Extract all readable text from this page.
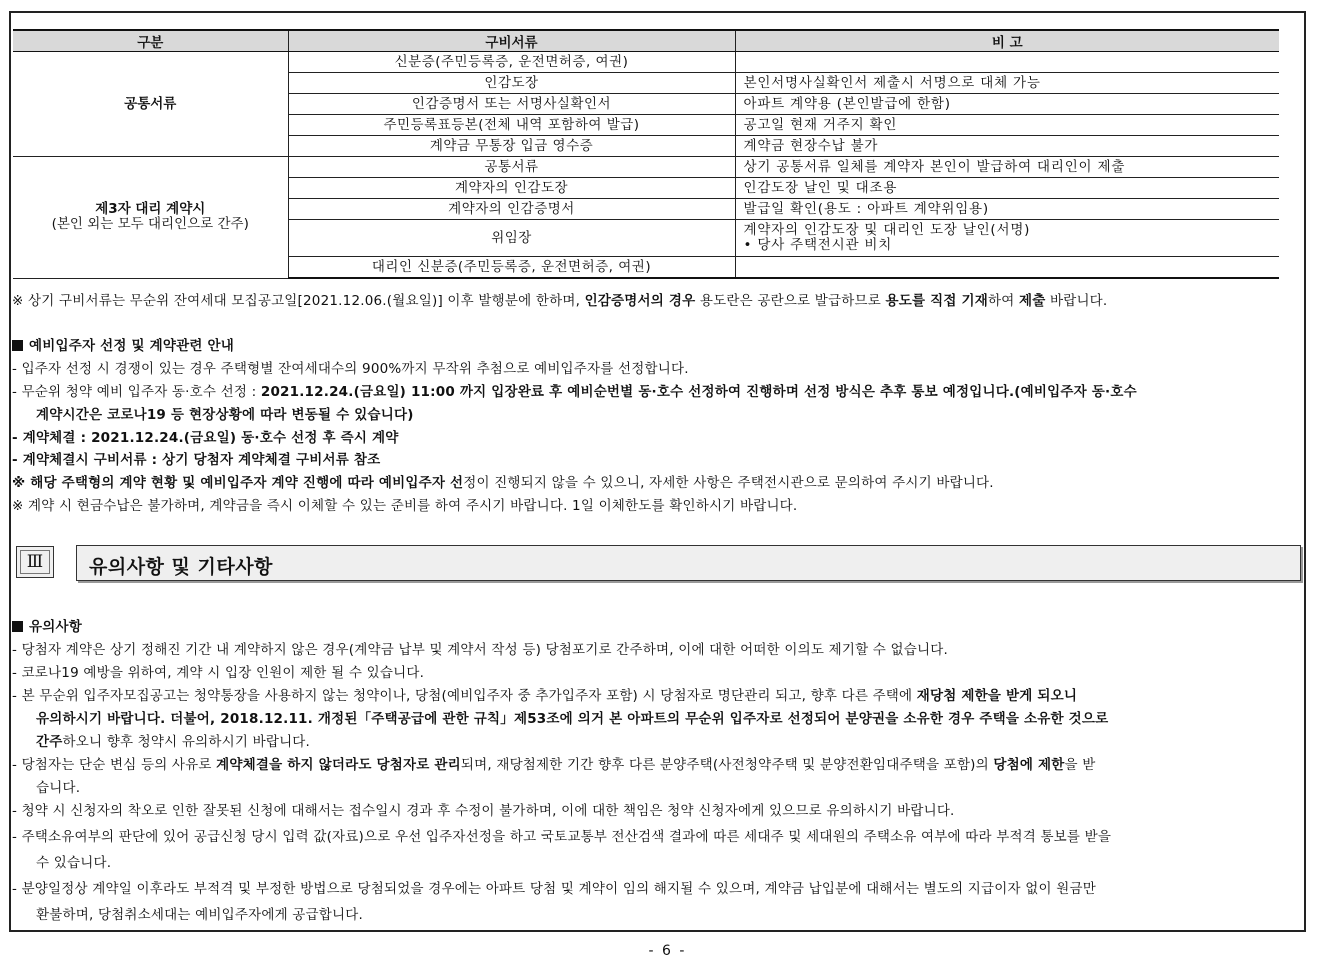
구분	구비서류	비 고
공통서류	신분증(주민등록증, 운전면허증, 여권)	
	인감도장	본인서명사실확인서 제출시 서명으로 대체 가능
	인감증명서 또는 서명사실확인서	아파트 계약용 (본인발급에 한함)
	주민등록표등본(전체 내역 포함하여 발급)	공고일 현재 거주지 확인
	계약금 무통장 입금 영수증	계약금 현장수납 불가

제3자 대리 계약시
(본인 외는 모두 대리인으로 간주)	공통서류	상기 공통서류 일체를 계약자 본인이 발급하여 대리인이 제출
	계약자의 인감도장	인감도장 날인 및 대조용
	계약자의 인감증명서	발급일 확인(용도 : 아파트 계약위임용)
	위임장	계약자의 인감도장 및 대리인 도장 날인(서명)
• 당사 주택전시관 비치

	대리인 신분증(주민등록증, 운전면허증, 여권)	
※ 상기 구비서류는 무순위 잔여세대 모집공고일[2021.12.06.(월요일)] 이후 발행분에 한하며, 인감증명서의 경우 용도란은 공란으로 발급하므로 용도를 직접 기재하여 제출 바랍니다.
예비입주자 선정 및 계약관련 안내
- 입주자 선정 시 경쟁이 있는 경우 주택형별 잔여세대수의 900%까지 무작위 추첨으로 예비입주자를 선정합니다.
- 무순위 청약 예비 입주자 동·호수 선정 : 2021.12.24.(금요일) 11:00 까지 입장완료 후 예비순번별 동·호수 선정하여 진행하며 선정 방식은 추후 통보 예정입니다.(예비입주자 동·호수
계약시간은 코로나19 등 현장상황에 따라 변동될 수 있습니다)
- 계약체결 : 2021.12.24.(금요일) 동·호수 선정 후 즉시 계약
- 계약체결시 구비서류 : 상기 당첨자 계약체결 구비서류 참조
※ 해당 주택형의 계약 현황 및 예비입주자 계약 진행에 따라 예비입주자 선정이 진행되지 않을 수 있으니, 자세한 사항은 주택전시관으로 문의하여 주시기 바랍니다.
※ 계약 시 현금수납은 불가하며, 계약금을 즉시 이체할 수 있는 준비를 하여 주시기 바랍니다. 1일 이체한도를 확인하시기 바랍니다.
Ⅲ 유의사항 및 기타사항
유의사항
- 당첨자 계약은 상기 정해진 기간 내 계약하지 않은 경우(계약금 납부 및 계약서 작성 등) 당첨포기로 간주하며, 이에 대한 어떠한 이의도 제기할 수 없습니다.
- 코로나19 예방을 위하여, 계약 시 입장 인원이 제한 될 수 있습니다.
- 본 무순위 입주자모집공고는 청약통장을 사용하지 않는 청약이나, 당첨(예비입주자 중 추가입주자 포함) 시 당첨자로 명단관리 되고, 향후 다른 주택에 재당첨 제한을 받게 되오니
유의하시기 바랍니다. 더불어, 2018.12.11. 개정된「주택공급에 관한 규칙」제53조에 의거 본 아파트의 무순위 입주자로 선정되어 분양권을 소유한 경우 주택을 소유한 것으로
간주하오니 향후 청약시 유의하시기 바랍니다.
- 당첨자는 단순 변심 등의 사유로 계약체결을 하지 않더라도 당첨자로 관리되며, 재당첨제한 기간 향후 다른 분양주택(사전청약주택 및 분양전환임대주택을 포함)의 당첨에 제한을 받
습니다.
- 청약 시 신청자의 착오로 인한 잘못된 신청에 대해서는 접수일시 경과 후 수정이 불가하며, 이에 대한 책임은 청약 신청자에게 있으므로 유의하시기 바랍니다.
- 주택소유여부의 판단에 있어 공급신청 당시 입력 값(자료)으로 우선 입주자선정을 하고 국토교통부 전산검색 결과에 따른 세대주 및 세대원의 주택소유 여부에 따라 부적격 통보를 받을
수 있습니다.
- 분양일정상 계약일 이후라도 부적격 및 부정한 방법으로 당첨되었을 경우에는 아파트 당첨 및 계약이 임의 해지될 수 있으며, 계약금 납입분에 대해서는 별도의 지급이자 없이 원금만
환불하며, 당첨취소세대는 예비입주자에게 공급합니다.
- 6 -
